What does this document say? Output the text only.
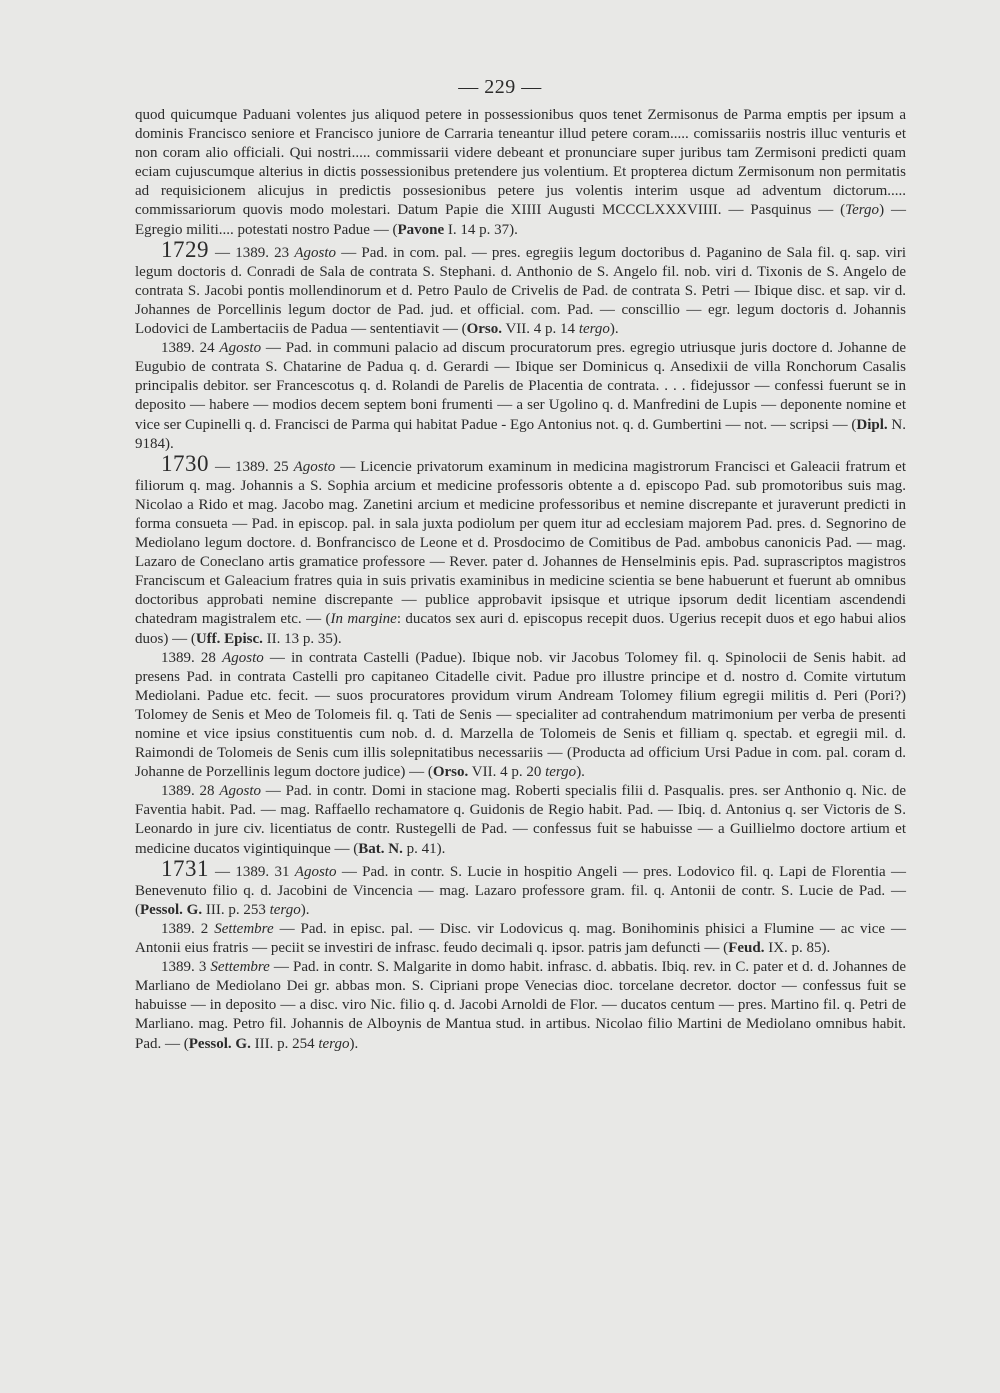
— 229 —

quod quicumque Paduani volentes jus aliquod petere in possessionibus quos tenet Zermisonus de Parma emptis per ipsum a dominis Francisco seniore et Francisco juniore de Carraria teneantur illud petere coram..... comissariis nostris illuc venturis et non coram alio officiali. Qui nostri..... commissarii videre debeant et pronunciare super juribus tam Zermisoni predicti quam eciam cujuscumque alterius in dictis possessionibus pretendere jus volentium. Et propterea dictum Zermisonum non permitatis ad requisicionem alicujus in predictis possesionibus petere jus volentis interim usque ad adventum dictorum..... commissariorum quovis modo molestari. Datum Papie die XIIII Augusti MCCCLXXXVIIII. — Pasquinus — (Tergo) — Egregio militi.... potestati nostro Padue — (Pavone I. 14 p. 37).

1729 — 1389. 23 Agosto — Pad. in com. pal. — pres. egregiis legum doctoribus d. Paganino de Sala fil. q. sap. viri legum doctoris d. Conradi de Sala de contrata S. Stephani. d. Anthonio de S. Angelo fil. nob. viri d. Tixonis de S. Angelo de contrata S. Jacobi pontis mollendinorum et d. Petro Paulo de Crivelis de Pad. de contrata S. Petri — Ibique disc. et sap. vir d. Johannes de Porcellinis legum doctor de Pad. jud. et official. com. Pad. — conscillio — egr. legum doctoris d. Johannis Lodovici de Lambertaciis de Padua — sententiavit — (Orso. VII. 4 p. 14 tergo).

1389. 24 Agosto — Pad. in communi palacio ad discum procuratorum pres. egregio utriusque juris doctore d. Johanne de Eugubio de contrata S. Chatarine de Padua q. d. Gerardi — Ibique ser Dominicus q. Ansedixii de villa Ronchorum Casalis principalis debitor. ser Francescotus q. d. Rolandi de Parelis de Placentia de contrata. . . . fidejussor — confessi fuerunt se in deposito — habere — modios decem septem boni frumenti — a ser Ugolino q. d. Manfredini de Lupis — deponente nomine et vice ser Cupinelli q. d. Francisci de Parma qui habitat Padue - Ego Antonius not. q. d. Gumbertini — not. — scripsi — (Dipl. N. 9184).

1730 — 1389. 25 Agosto — Licencie privatorum examinum in medicina magistrorum Francisci et Galeacii fratrum et filiorum q. mag. Johannis a S. Sophia arcium et medicine professoris obtente a d. episcopo Pad. sub promotoribus suis mag. Nicolao a Rido et mag. Jacobo mag. Zanetini arcium et medicine professoribus et nemine discrepante et juraverunt predicti in forma consueta — Pad. in episcop. pal. in sala juxta podiolum per quem itur ad ecclesiam majorem Pad. pres. d. Segnorino de Mediolano legum doctore. d. Bonfrancisco de Leone et d. Prosdocimo de Comitibus de Pad. ambobus canonicis Pad. — mag. Lazaro de Coneclano artis gramatice professore — Rever. pater d. Johannes de Henselminis epis. Pad. suprascriptos magistros Franciscum et Galeacium fratres quia in suis privatis examinibus in medicine scientia se bene habuerunt et fuerunt ab omnibus doctoribus approbati nemine discrepante — publice approbavit ipsisque et utrique ipsorum dedit licentiam ascendendi chatedram magistralem etc. — (In margine: ducatos sex auri d. episcopus recepit duos. Ugerius recepit duos et ego habui alios duos) — (Uff. Episc. II. 13 p. 35).

1389. 28 Agosto — in contrata Castelli (Padue). Ibique nob. vir Jacobus Tolomey fil. q. Spinolocii de Senis habit. ad presens Pad. in contrata Castelli pro capitaneo Citadelle civit. Padue pro illustre principe et d. nostro d. Comite virtutum Mediolani. Padue etc. fecit. — suos procuratores providum virum Andream Tolomey filium egregii militis d. Peri (Pori?) Tolomey de Senis et Meo de Tolomeis fil. q. Tati de Senis — specialiter ad contrahendum matrimonium per verba de presenti nomine et vice ipsius constituentis cum nob. d. d. Marzella de Tolomeis de Senis et filliam q. spectab. et egregii mil. d. Raimondi de Tolomeis de Senis cum illis solepnitatibus necessariis — (Producta ad officium Ursi Padue in com. pal. coram d. Johanne de Porzellinis legum doctore judice) — (Orso. VII. 4 p. 20 tergo).

1389. 28 Agosto — Pad. in contr. Domi in stacione mag. Roberti specialis filii d. Pasqualis. pres. ser Anthonio q. Nic. de Faventia habit. Pad. — mag. Raffaello rechamatore q. Guidonis de Regio habit. Pad. — Ibiq. d. Antonius q. ser Victoris de S. Leonardo in jure civ. licentiatus de contr. Rustegelli de Pad. — confessus fuit se habuisse — a Guillielmo doctore artium et medicine ducatos vigintiquinque — (Bat. N. p. 41).

1731 — 1389. 31 Agosto — Pad. in contr. S. Lucie in hospitio Angeli — pres. Lodovico fil. q. Lapi de Florentia — Benevenuto filio q. d. Jacobini de Vincencia — mag. Lazaro professore gram. fil. q. Antonii de contr. S. Lucie de Pad. — (Pessol. G. III. p. 253 tergo).

1389. 2 Settembre — Pad. in episc. pal. — Disc. vir Lodovicus q. mag. Bonihominis phisici a Flumine — ac vice — Antonii eius fratris — peciit se investiri de infrasc. feudo decimali q. ipsor. patris jam defuncti — (Feud. IX. p. 85).

1389. 3 Settembre — Pad. in contr. S. Malgarite in domo habit. infrasc. d. abbatis. Ibiq. rev. in C. pater et d. d. Johannes de Marliano de Mediolano Dei gr. abbas mon. S. Cipriani prope Venecias dioc. torcelane decretor. doctor — confessus fuit se habuisse — in deposito — a disc. viro Nic. filio q. d. Jacobi Arnoldi de Flor. — ducatos centum — pres. Martino fil. q. Petri de Marliano. mag. Petro fil. Johannis de Alboynis de Mantua stud. in artibus. Nicolao filio Martini de Mediolano omnibus habit. Pad. — (Pessol. G. III. p. 254 tergo).
